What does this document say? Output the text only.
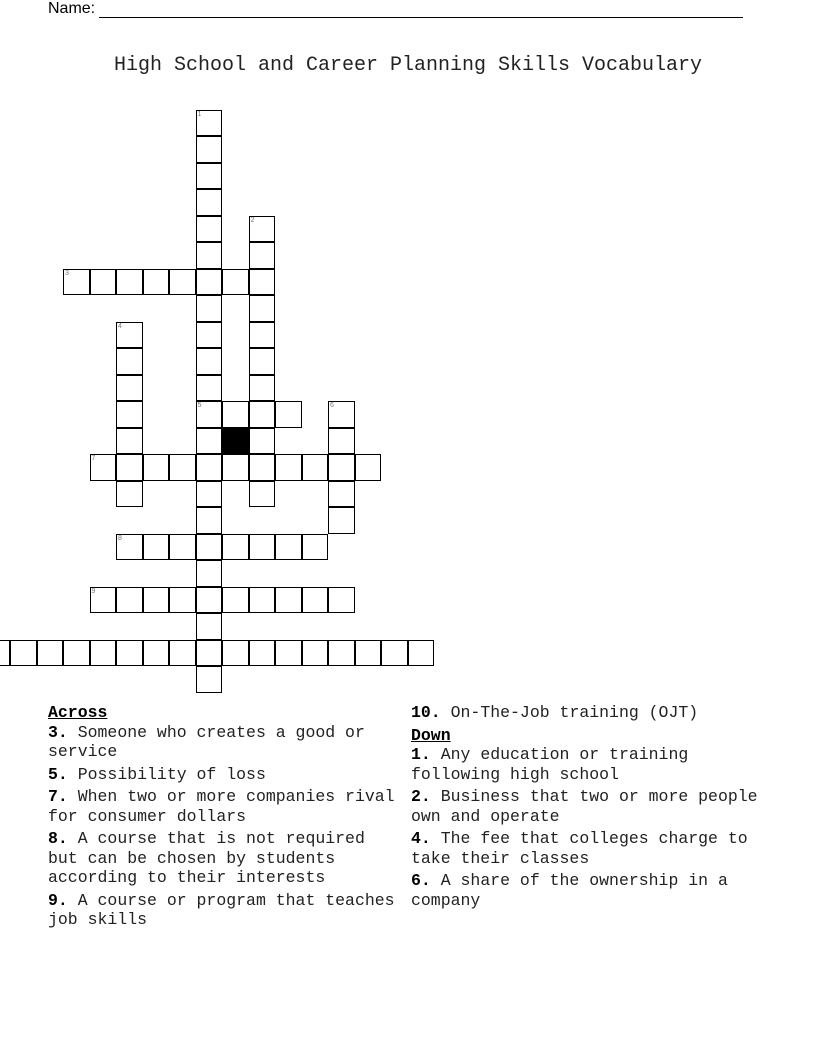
Name:
High School and Career Planning Skills Vocabulary
1
5
2
3
4
6
7
8
9
Across
3. Someone who creates a good or service
5. Possibility of loss
7. When two or more companies rival for consumer dollars
8. A course that is not required but can be chosen by students according to their interests
9. A course or program that teaches job skills
10. On-The-Job training (OJT)
Down
1. Any education or training following high school
2. Business that two or more people own and operate
4. The fee that colleges charge to take their classes
6. A share of the ownership in a company
